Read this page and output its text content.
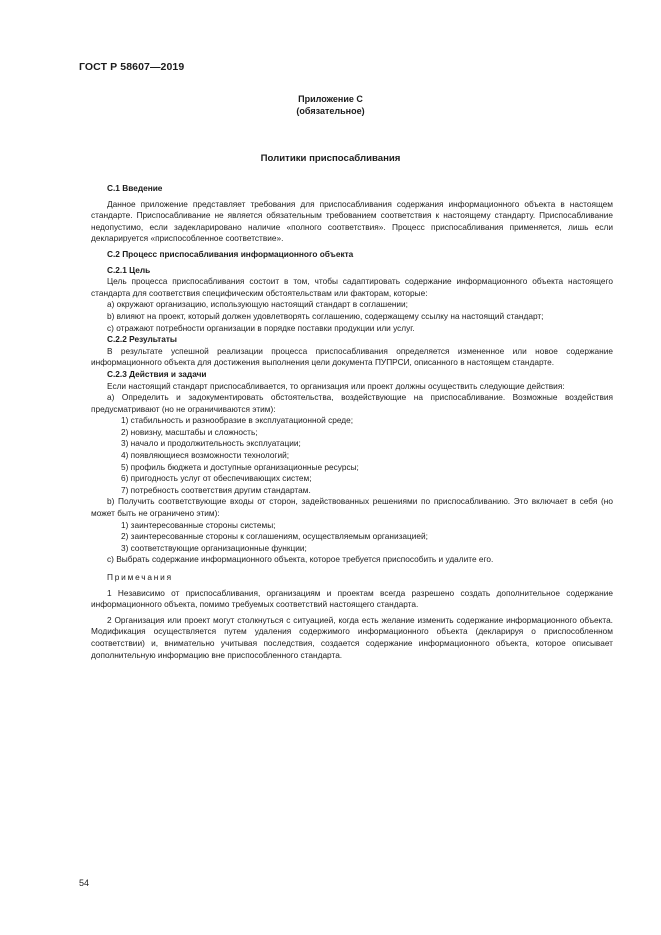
ГОСТ Р 58607—2019
Приложение С
(обязательное)
Политики приспосабливания

С.1 Введение

Данное приложение представляет требования для приспосабливания содержания информационного объекта в настоящем стандарте. Приспосабливание не является обязательным требованием соответствия к настоящему стандарту. Приспосабливание недопустимо, если задекларировано наличие «полного соответствия». Процесс приспосабливания применяется, лишь если декларируется «приспособленное соответствие».

С.2 Процесс приспосабливания информационного объекта

С.2.1 Цель

Цель процесса приспосабливания состоит в том, чтобы садаптировать содержание информационного объекта настоящего стандарта для соответствия специфическим обстоятельствам или факторам, которые:

a) окружают организацию, использующую настоящий стандарт в соглашении;

b) влияют на проект, который должен удовлетворять соглашению, содержащему ссылку на настоящий стандарт;

c) отражают потребности организации в порядке поставки продукции или услуг.

С.2.2 Результаты

В результате успешной реализации процесса приспосабливания определяется измененное или новое содержание информационного объекта для достижения выполнения цели документа ПУПРСИ, описанного в настоящем стандарте.

С.2.3 Действия и задачи

Если настоящий стандарт приспосабливается, то организация или проект должны осуществить следующие действия:

a) Определить и задокументировать обстоятельства, воздействующие на приспосабливание. Возможные воздействия предусматривают (но не ограничиваются этим):

1) стабильность и разнообразие в эксплуатационной среде;

2) новизну, масштабы и сложность;

3) начало и продолжительность эксплуатации;

4) появляющиеся возможности технологий;

5) профиль бюджета и доступные организационные ресурсы;

6) пригодность услуг от обеспечивающих систем;

7) потребность соответствия другим стандартам.

b) Получить соответствующие входы от сторон, задействованных решениями по приспосабливанию. Это включает в себя (но может быть не ограничено этим):

1) заинтересованные стороны системы;

2) заинтересованные стороны к соглашениям, осуществляемым организацией;

3) соответствующие организационные функции;

c) Выбрать содержание информационного объекта, которое требуется приспособить и удалите его.

Примечания

1 Независимо от приспосабливания, организациям и проектам всегда разрешено создать дополнительное содержание информационного объекта, помимо требуемых соответствий настоящего стандарта.

2 Организация или проект могут столкнуться с ситуацией, когда есть желание изменить содержание информационного объекта. Модификация осуществляется путем удаления содержимого информационного объекта (декларируя о приспособленном соответствии) и, внимательно учитывая последствия, создается содержание информационного объекта, которое описывает дополнительную информацию вне приспособленного стандарта.

54
